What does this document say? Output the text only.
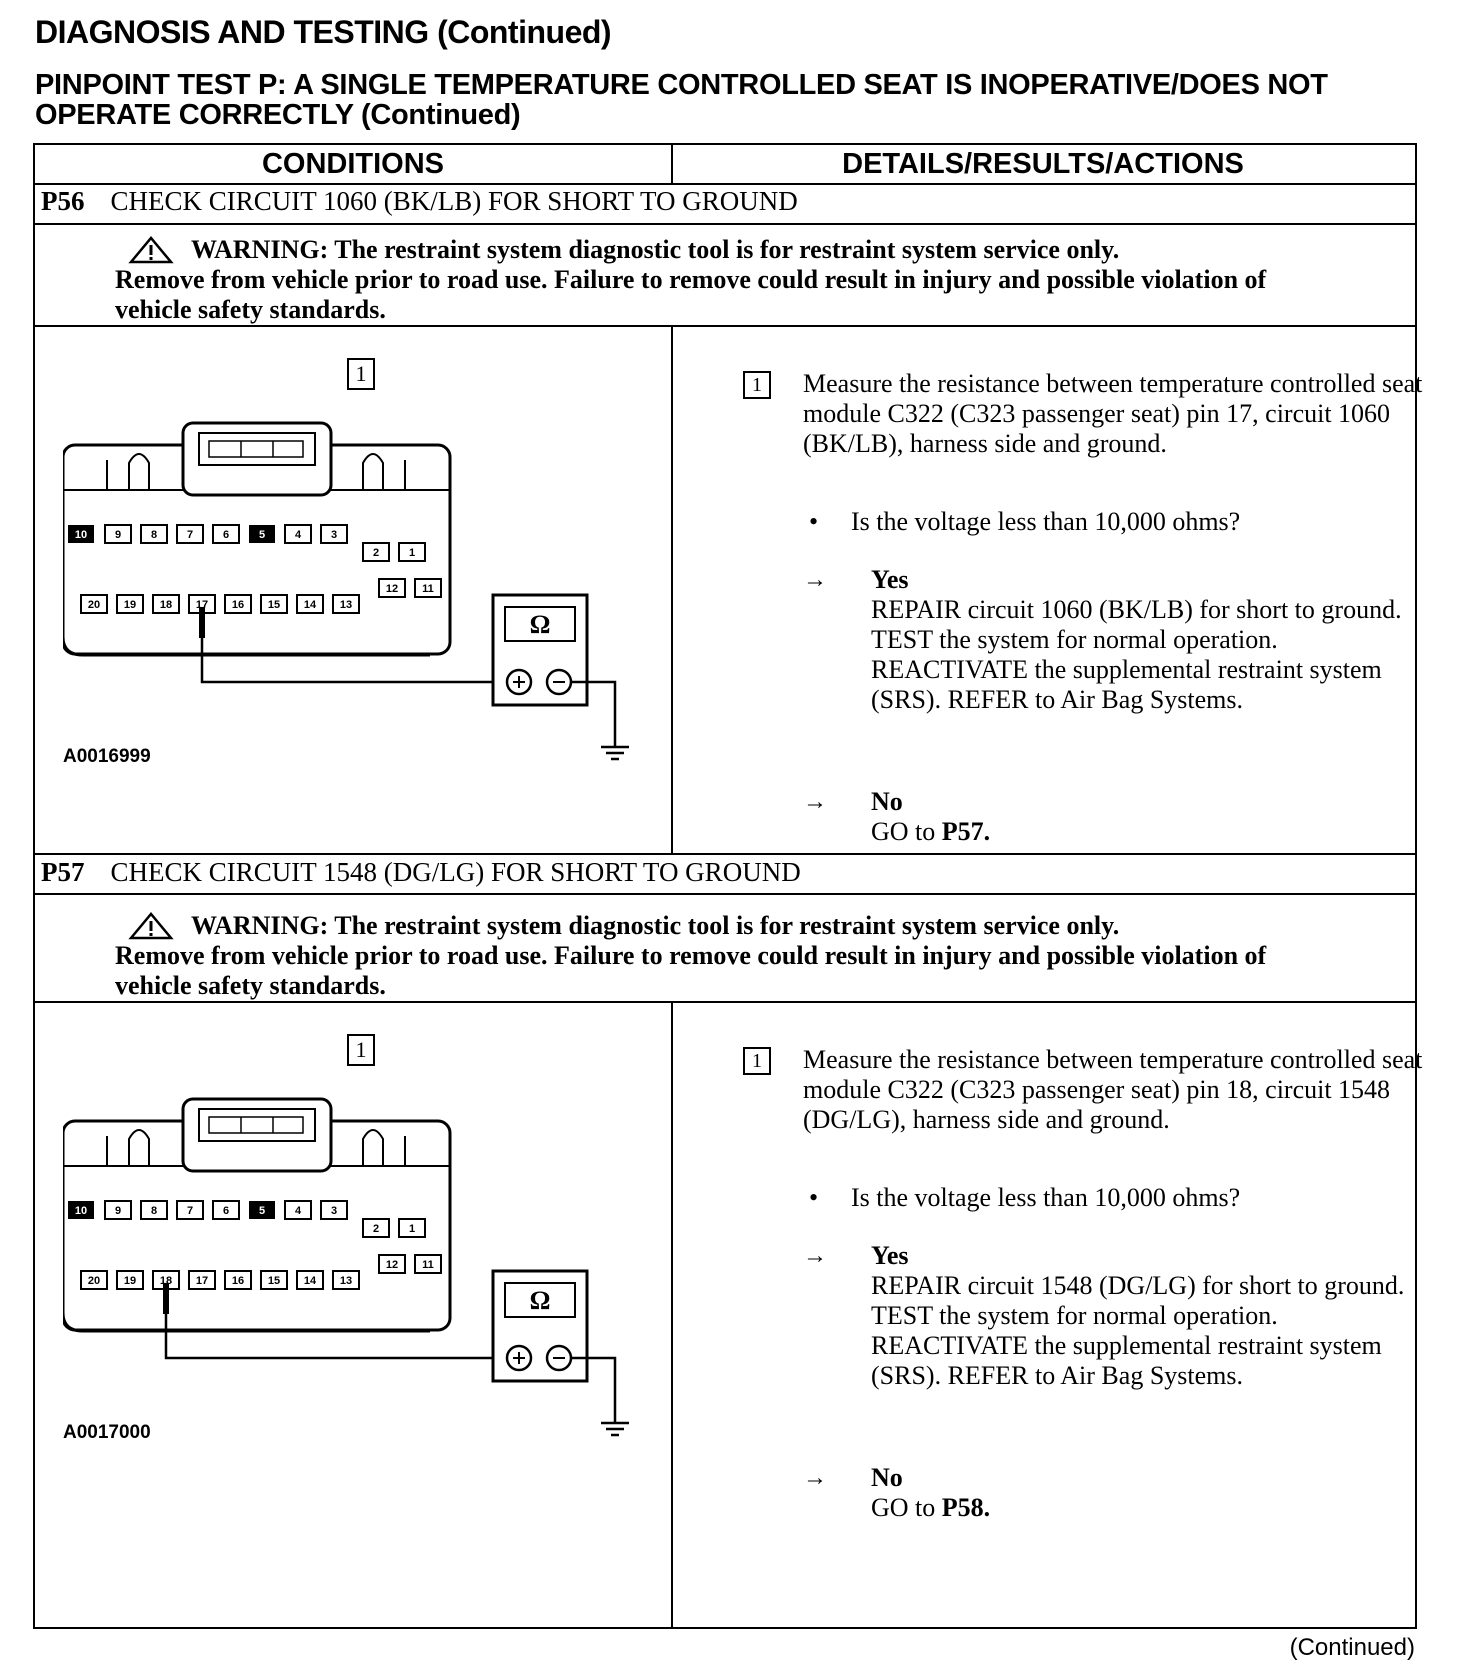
DIAGNOSIS AND TESTING (Continued)
PINPOINT TEST P: A SINGLE TEMPERATURE CONTROLLED SEAT IS INOPERATIVE/DOES NOT OPERATE CORRECTLY (Continued)
CONDITIONS	DETAILS/RESULTS/ACTIONS
P56 CHECK CIRCUIT 1060 (BK/LB) FOR SHORT TO GROUND
WARNING: The restraint system diagnostic tool is for restraint system service only.
Remove from vehicle prior to road use. Failure to remove could result in injury and possible violation of vehicle safety standards.
1
10	9	8	7	6	5	4	3
2	1
12 11
20 19 18 17 16 15 14 13
Ω
A0016999
1	Measure the resistance between temperature controlled seat module C322 (C323 passenger seat) pin 17, circuit 1060 (BK/LB), harness side and ground.
• Is the voltage less than 10,000 ohms?
→ Yes
REPAIR circuit 1060 (BK/LB) for short to ground. TEST the system for normal operation. REACTIVATE the supplemental restraint system (SRS). REFER to Air Bag Systems.
→ No
GO to P57.
P57 CHECK CIRCUIT 1548 (DG/LG) FOR SHORT TO GROUND
WARNING: The restraint system diagnostic tool is for restraint system service only.
Remove from vehicle prior to road use. Failure to remove could result in injury and possible violation of vehicle safety standards.
1
10	9	8	7	6	5	4	3
2	1
12 11
20 19 18 17 16 15 14 13
Ω
A0017000
1	Measure the resistance between temperature controlled seat module C322 (C323 passenger seat) pin 18, circuit 1548 (DG/LG), harness side and ground.
• Is the voltage less than 10,000 ohms?
→ Yes
REPAIR circuit 1548 (DG/LG) for short to ground. TEST the system for normal operation. REACTIVATE the supplemental restraint system (SRS). REFER to Air Bag Systems.
→ No
GO to P58.
(Continued)
